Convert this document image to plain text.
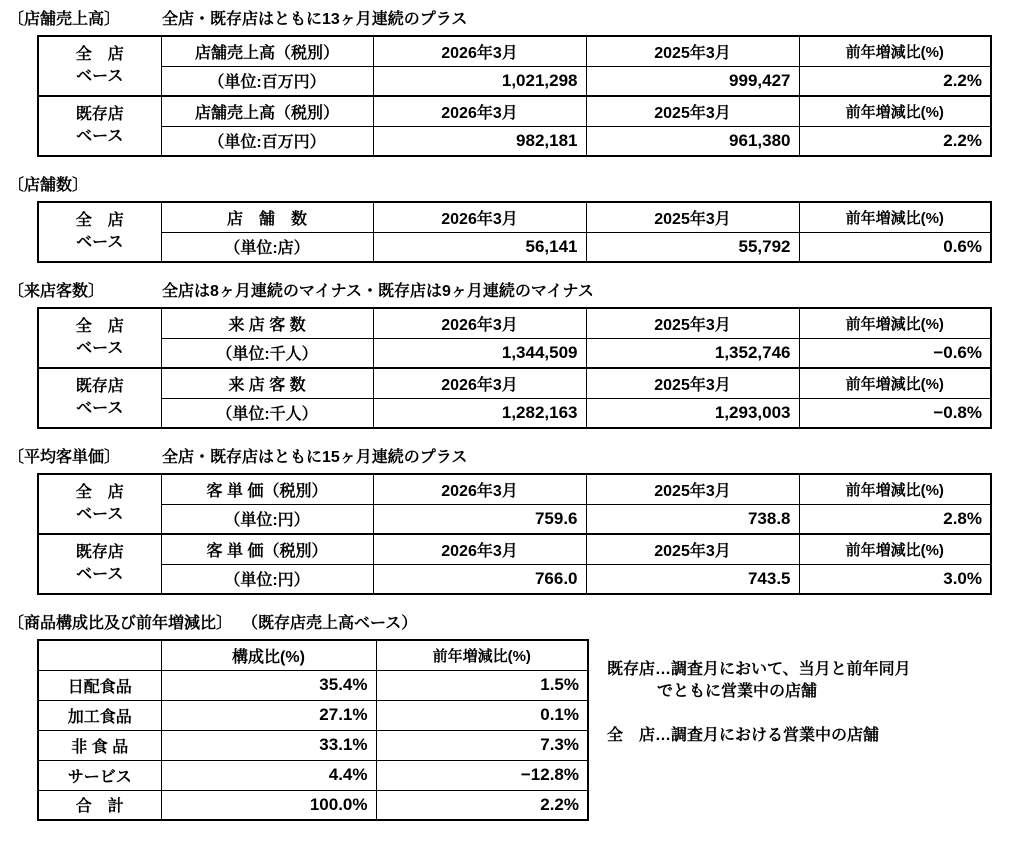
〔店舗売上高〕	全店・既存店はともに13ヶ月連続のプラス
全　店
ベース	店舗売上高（税別）	2026年3月	2025年3月	前年増減比(%)
	（単位:百万円）	1,021,298	999,427	2.2%

既存店
ベース	店舗売上高（税別）	2026年3月	2025年3月	前年増減比(%)
	（単位:百万円）	982,181	961,380	2.2%
〔店舗数〕
全　店
ベース	店　舗　数	2026年3月	2025年3月	前年増減比(%)
	（単位:店）	56,141	55,792	0.6%
〔来店客数〕	全店は8ヶ月連続のマイナス・既存店は9ヶ月連続のマイナス
全　店
ベース	来 店 客 数	2026年3月	2025年3月	前年増減比(%)
	（単位:千人）	1,344,509	1,352,746	−0.6%

既存店
ベース	来 店 客 数	2026年3月	2025年3月	前年増減比(%)
	（単位:千人）	1,282,163	1,293,003	−0.8%
〔平均客単価〕	全店・既存店はともに15ヶ月連続のプラス
全　店
ベース	客 単 価（税別）	2026年3月	2025年3月	前年増減比(%)
	（単位:円）	759.6	738.8	2.8%

既存店
ベース	客 単 価（税別）	2026年3月	2025年3月	前年増減比(%)
	（単位:円）	766.0	743.5	3.0%
〔商品構成比及び前年増減比〕 （既存店売上高ベース）
	構成比(%)	前年増減比(%)
日配食品	35.4%	1.5%
加工食品	27.1%	0.1%
非 食 品	33.1%	7.3%
サービス	4.4%	−12.8%
合　計	100.0%	2.2%
既存店…調査月において、当月と前年同月
でともに営業中の店舗
全　店…調査月における営業中の店舗
